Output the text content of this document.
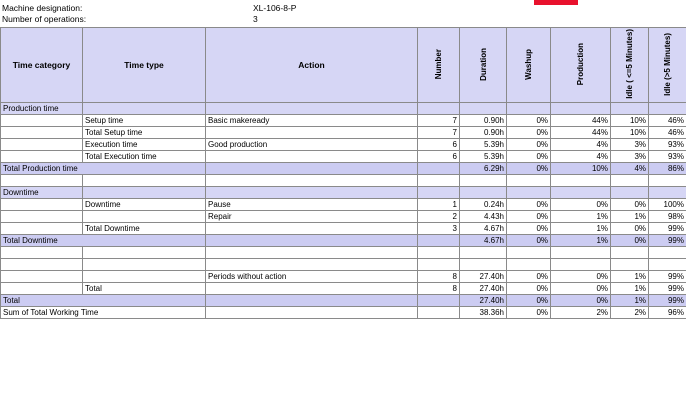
Machine designation:	XL-106-8-P
Number of operations:	3
Time category	Time type	Action	Number	Duration	Washup	Production	Idle ( <=5 Minutes)	Idle (>5 Minutes)
Production time								
	Setup time	Basic makeready	7	0.90h	0%	44%	10%	46%
	Total Setup time		7	0.90h	0%	44%	10%	46%
	Execution time	Good production	6	5.39h	0%	4%	3%	93%
	Total Execution time		6	5.39h	0%	4%	3%	93%
Total Production time				6.29h	0%	10%	4%	86%

Downtime								
	Downtime	Pause	1	0.24h	0%	0%	0%	100%
		Repair	2	4.43h	0%	1%	1%	98%
	Total Downtime		3	4.67h	0%	1%	0%	99%
Total Downtime				4.67h	0%	1%	0%	99%

		Periods without action	8	27.40h	0%	0%	1%	99%
	Total		8	27.40h	0%	0%	1%	99%
Total				27.40h	0%	0%	1%	99%
Sum of Total Working Time				38.36h	0%	2%	2%	96%
